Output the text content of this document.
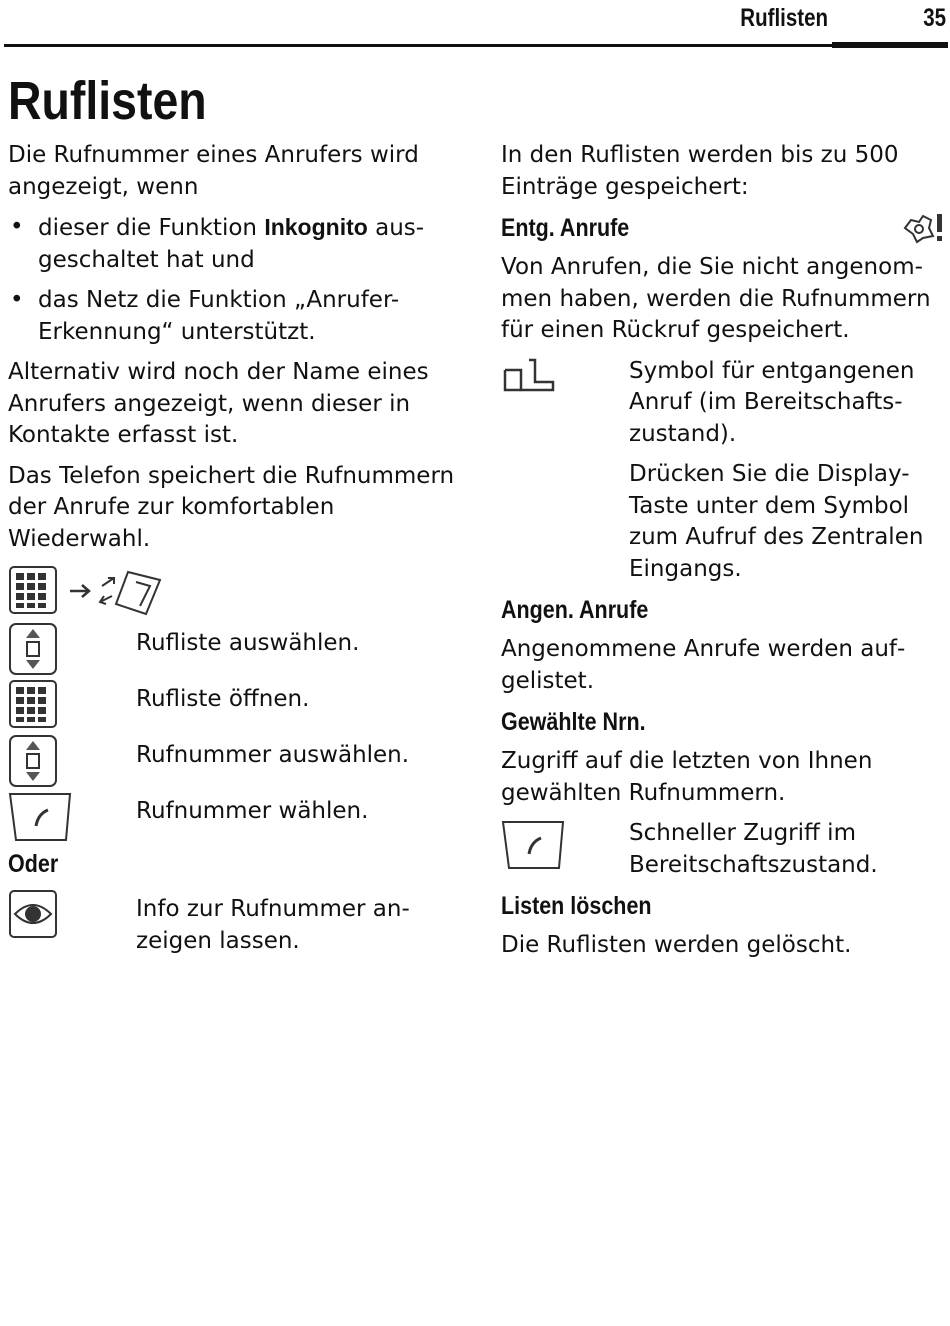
Ruflisten	35
Ruflisten

Die Rufnummer eines Anrufers wird angezeigt, wenn

• dieser die Funktion Inkognito ausgeschaltet hat und
• das Netz die Funktion „Anrufer-Erkennung“ unterstützt.

Alternativ wird noch der Name eines Anrufers angezeigt, wenn dieser in Kontakte erfasst ist.

Das Telefon speichert die Rufnummern der Anrufe zur komfortablen Wiederwahl.

Rufliste auswählen.
Rufliste öffnen.
Rufnummer auswählen.
Rufnummer wählen.
Oder
Info zur Rufnummer anzeigen lassen.

In den Ruflisten werden bis zu 500 Einträge gespeichert:

Entg. Anrufe

Von Anrufen, die Sie nicht angenommen haben, werden die Rufnummern für einen Rückruf gespeichert.

Symbol für entgangenen Anruf (im Bereitschaftszustand).

Drücken Sie die Display-Taste unter dem Symbol zum Aufruf des Zentralen Eingangs.

Angen. Anrufe

Angenommene Anrufe werden aufgelistet.

Gewählte Nrn.

Zugriff auf die letzten von Ihnen gewählten Rufnummern.

Schneller Zugriff im Bereitschaftszustand.

Listen löschen

Die Ruflisten werden gelöscht.
